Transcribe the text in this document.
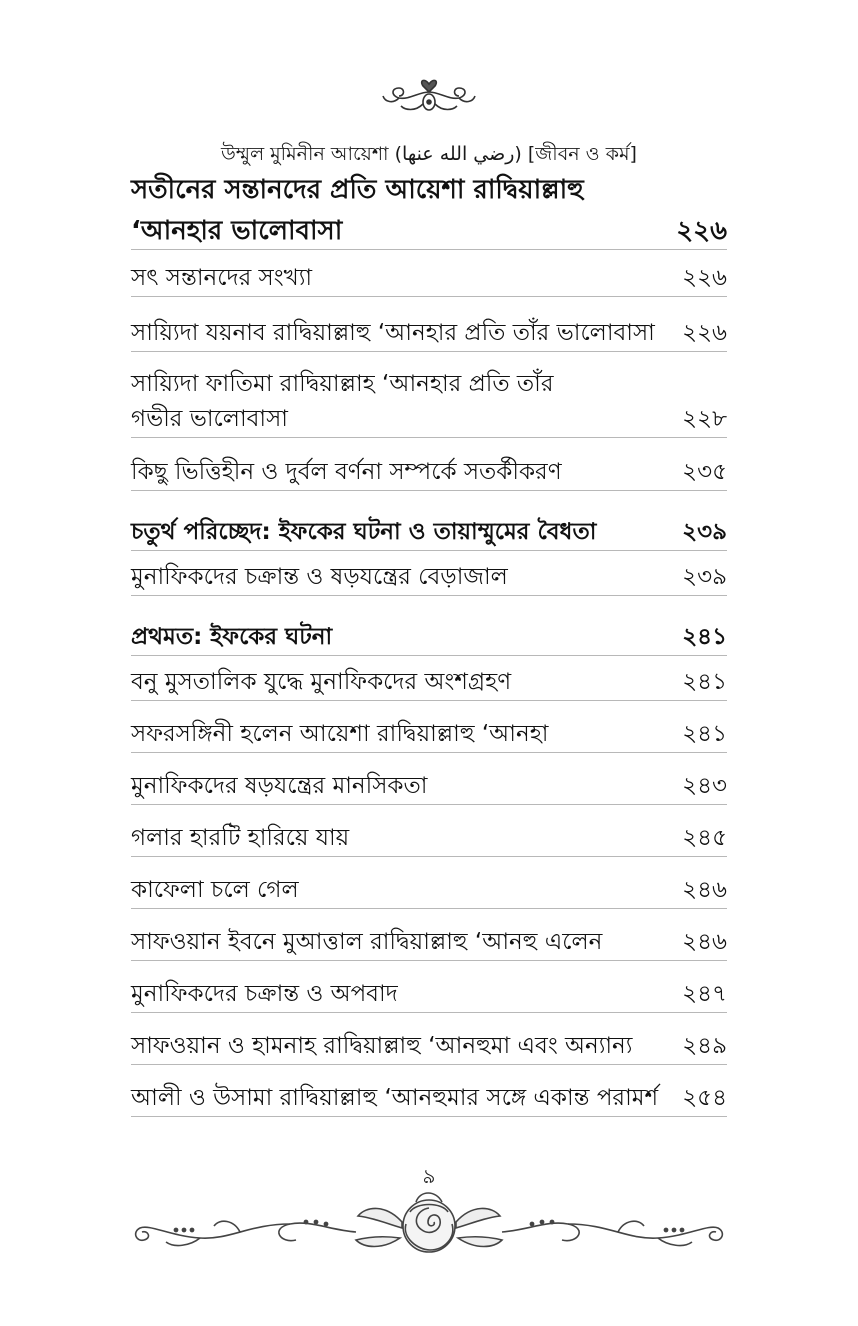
উম্মুল মুমিনীন আয়েশা (رضي الله عنها) [জীবন ও কর্ম]
সতীনের সন্তানদের প্রতি আয়েশা রাদ্বিয়াল্লাহু
‘আনহার ভালোবাসা	২২৬
সৎ সন্তানদের সংখ্যা	২২৬
সায়্যিদা যয়নাব রাদ্বিয়াল্লাহু ‘আনহার প্রতি তাঁর ভালোবাসা	২২৬
সায়্যিদা ফাতিমা রাদ্বিয়াল্লাহ ‘আনহার প্রতি তাঁর গভীর ভালোবাসা	২২৮
কিছু ভিত্তিহীন ও দুর্বল বর্ণনা সম্পর্কে সতর্কীকরণ	২৩৫
চতুর্থ পরিচ্ছেদ: ইফকের ঘটনা ও তায়াম্মুমের বৈধতা	২৩৯
মুনাফিকদের চক্রান্ত ও ষড়যন্ত্রের বেড়াজাল	২৩৯
প্রথমত: ইফকের ঘটনা	২৪১
বনু মুসতালিক যুদ্ধে মুনাফিকদের অংশগ্রহণ	২৪১
সফরসঙ্গিনী হলেন আয়েশা রাদ্বিয়াল্লাহু ‘আনহা	২৪১
মুনাফিকদের ষড়যন্ত্রের মানসিকতা	২৪৩
গলার হারটি হারিয়ে যায়	২৪৫
কাফেলা চলে গেল	২৪৬
সাফওয়ান ইবনে মুআত্তাল রাদ্বিয়াল্লাহু ‘আনহু এলেন	২৪৬
মুনাফিকদের চক্রান্ত ও অপবাদ	২৪৭
সাফওয়ান ও হামনাহ রাদ্বিয়াল্লাহু ‘আনহুমা এবং অন্যান্য	২৪৯
আলী ও উসামা রাদ্বিয়াল্লাহু ‘আনহুমার সঙ্গে একান্ত পরামর্শ	২৫৪
৯
